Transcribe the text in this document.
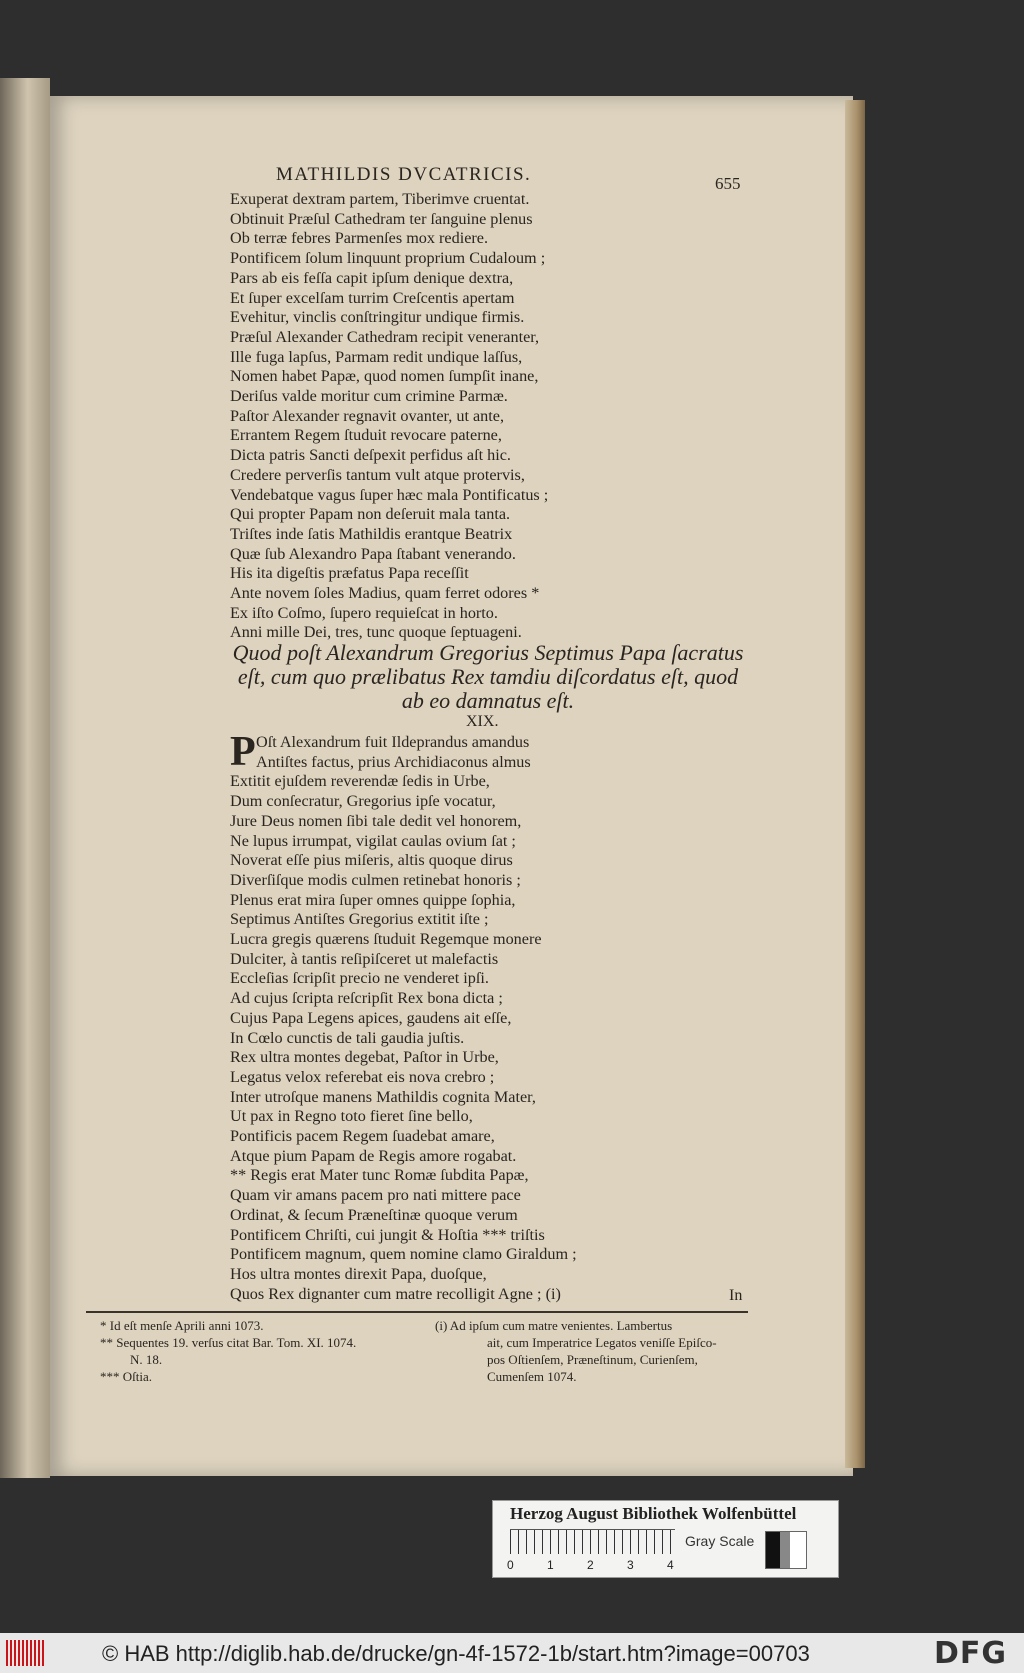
MATHILDIS DVCATRICIS.	655
Exuperat dextram partem, Tiberimve cruentat.
Obtinuit Præſul Cathedram ter ſanguine plenus
Ob terræ febres Parmenſes mox rediere.
Pontificem ſolum linquunt proprium Cudaloum ;
Pars ab eis feſſa capit ipſum denique dextra,
Et ſuper excelſam turrim Creſcentis apertam
Evehitur, vinclis conſtringitur undique firmis.
Præſul Alexander Cathedram recipit veneranter,
Ille fuga lapſus, Parmam redit undique laſſus,
Nomen habet Papæ, quod nomen ſumpſit inane,
Deriſus valde moritur cum crimine Parmæ.
Paſtor Alexander regnavit ovanter, ut ante,
Errantem Regem ſtuduit revocare paterne,
Dicta patris Sancti deſpexit perfidus aſt hic.
Credere perverſis tantum vult atque protervis,
Vendebatque vagus ſuper hæc mala Pontificatus ;
Qui propter Papam non deſeruit mala tanta.
Triſtes inde ſatis Mathildis erantque Beatrix
Quæ ſub Alexandro Papa ſtabant venerando.
His ita digeſtis præfatus Papa receſſit
Ante novem ſoles Madius, quam ferret odores *
Ex iſto Coſmo, ſupero requieſcat in horto.
Anni mille Dei, tres, tunc quoque ſeptuageni.
Quod poſt Alexandrum Gregorius Septimus Papa ſacratus eſt, cum quo prælibatus Rex tamdiu diſcordatus eſt, quod ab eo damnatus eſt.
XIX.
P Oſt Alexandrum fuit Ildeprandus amandus
Antiſtes factus, prius Archidiaconus almus
Extitit ejuſdem reverendæ ſedis in Urbe,
Dum conſecratur, Gregorius ipſe vocatur,
Jure Deus nomen ſibi tale dedit vel honorem,
Ne lupus irrumpat, vigilat caulas ovium ſat ;
Noverat eſſe pius miſeris, altis quoque dirus
Diverſiſque modis culmen retinebat honoris ;
Plenus erat mira ſuper omnes quippe ſophia,
Septimus Antiſtes Gregorius extitit iſte ;
Lucra gregis quærens ſtuduit Regemque monere
Dulciter, à tantis reſipiſceret ut malefactis
Eccleſias ſcripſit precio ne venderet ipſi.
Ad cujus ſcripta reſcripſit Rex bona dicta ;
Cujus Papa Legens apices, gaudens ait eſſe,
In Cœlo cunctis de tali gaudia juſtis.
Rex ultra montes degebat, Paſtor in Urbe,
Legatus velox referebat eis nova crebro ;
Inter utroſque manens Mathildis cognita Mater,
Ut pax in Regno toto fieret ſine bello,
Pontificis pacem Regem ſuadebat amare,
Atque pium Papam de Regis amore rogabat.
** Regis erat Mater tunc Romæ ſubdita Papæ,
Quam vir amans pacem pro nati mittere pace
Ordinat, & ſecum Præneſtinæ quoque verum
Pontificem Chriſti, cui jungit & Hoſtia *** triſtis
Pontificem magnum, quem nomine clamo Giraldum ;
Hos ultra montes direxit Papa, duoſque,
Quos Rex dignanter cum matre recolligit Agne ; (i)	In
* Id eſt menſe Aprili anni 1073.
** Sequentes 19. verſus citat Bar. Tom. XI. 1074.
N. 18.
*** Oſtia.
(i) Ad ipſum cum matre venientes. Lambertus
ait, cum Imperatrice Legatos veniſſe Epiſco-
pos Oſtienſem, Præneſtinum, Curienſem,
Cumenſem 1074.
Herzog August Bibliothek Wolfenbüttel
0	1	2	3	4
Gray Scale
© HAB http://diglib.hab.de/drucke/gn-4f-1572-1b/start.htm?image=00703	DFG
